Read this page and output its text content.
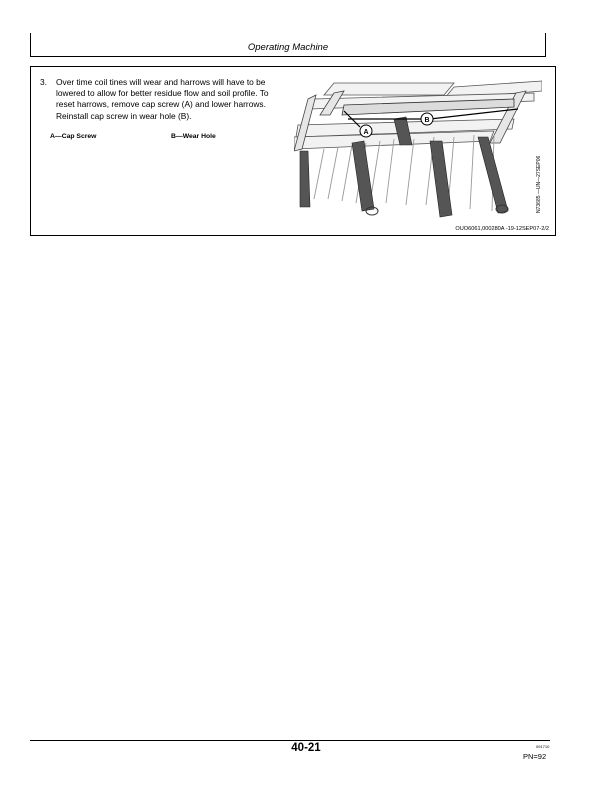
Operating Machine
3. Over time coil tines will wear and harrows will have to be lowered to allow for better residue flow and soil profile. To reset harrows, remove cap screw (A) and lower harrows. Reinstall cap screw in wear hole (B).
A—Cap Screw	B—Wear Hole
A
B
N73685 —UN—27SEP06
OUO6061,000280A -19-12SEP07-2/2
40-21	091710
PN=92
